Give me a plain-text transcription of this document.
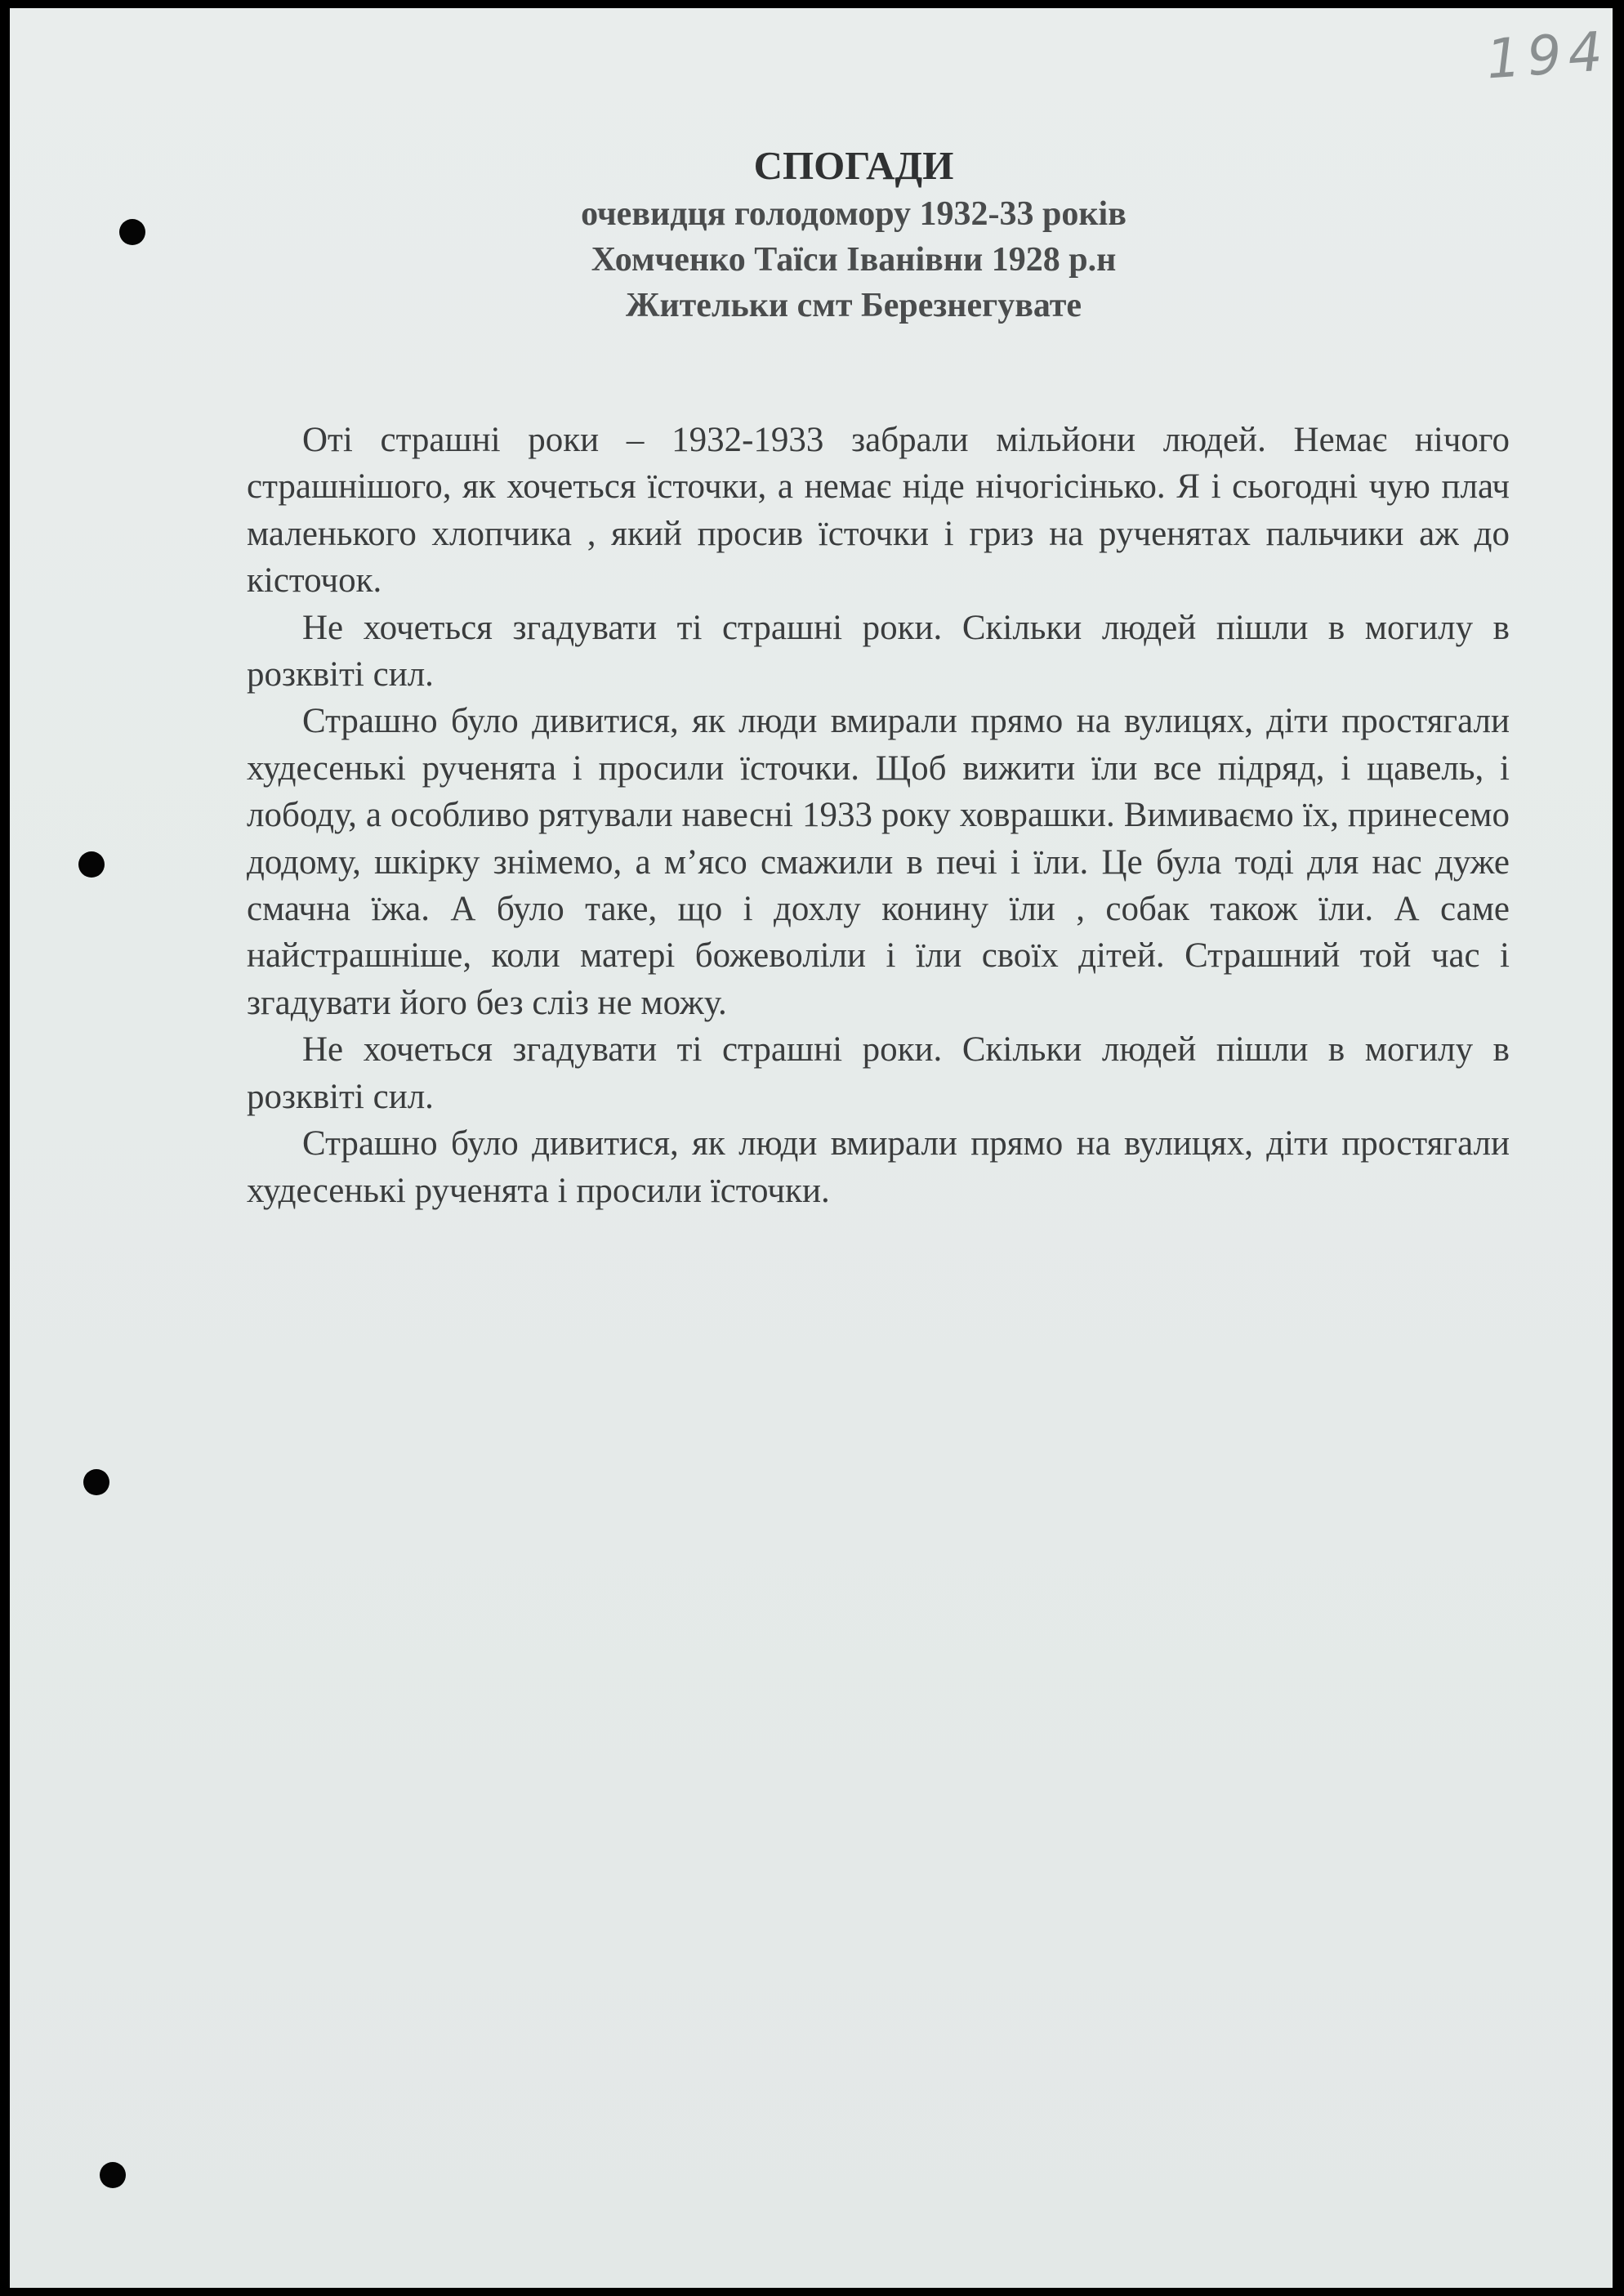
194
СПОГАДИ
очевидця голодомору 1932-33 років
Хомченко Таїси Іванівни 1928 р.н
Жительки смт Березнегувате

Оті страшні роки – 1932-1933 забрали мільйони людей. Немає нічого страшнішого, як хочеться їсточки, а немає ніде нічогісінько. Я і сьогодні чую плач маленького хлопчика , який просив їсточки і гриз на рученятах пальчики аж до кісточок.

Не хочеться згадувати ті страшні роки. Скільки людей пішли в могилу в розквіті сил.

Страшно було дивитися, як люди вмирали прямо на вулицях, діти простягали худесенькі рученята і просили їсточки. Щоб вижити їли все підряд, і щавель, і лободу, а особливо рятували навесні 1933 року ховрашки. Вимиваємо їх, принесемо додому, шкірку знімемо, а м’ясо смажили в печі і їли. Це була тоді для нас дуже смачна їжа. А було таке, що і дохлу конину їли , собак також їли. А саме найстрашніше, коли матері божеволіли і їли своїх дітей. Страшний той час і згадувати його без сліз не можу.

Не хочеться згадувати ті страшні роки. Скільки людей пішли в могилу в розквіті сил.

Страшно було дивитися, як люди вмирали прямо на вулицях, діти простягали худесенькі рученята і просили їсточки.
